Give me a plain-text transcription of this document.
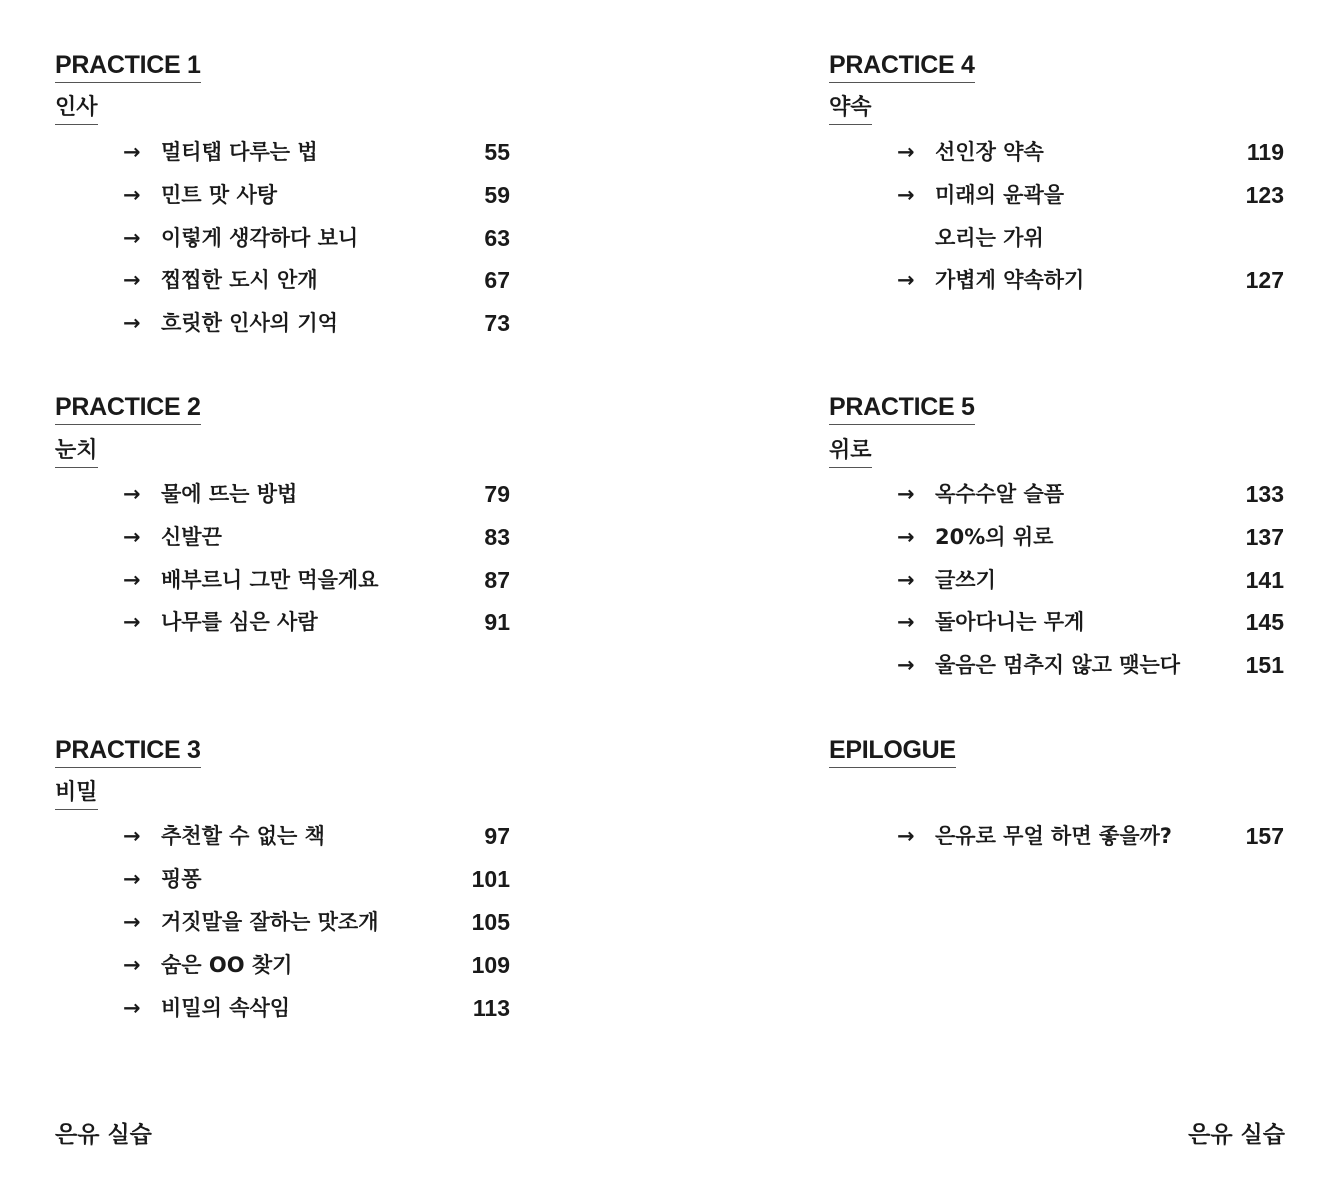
PRACTICE 1
인사
→ 멀티탭 다루는 법	55
→ 민트 맛 사탕	59
→ 이렇게 생각하다 보니	63
→ 찝찝한 도시 안개	67
→ 흐릿한 인사의 기억	73
PRACTICE 2
눈치
→ 물에 뜨는 방법	79
→ 신발끈	83
→ 배부르니 그만 먹을게요	87
→ 나무를 심은 사람	91
PRACTICE 3
비밀
→ 추천할 수 없는 책	97
→ 핑퐁	101
→ 거짓말을 잘하는 맛조개	105
→ 숨은 OO 찾기	109
→ 비밀의 속삭임	113
PRACTICE 4
약속
→ 선인장 약속	119
→ 미래의 윤곽을	123
오리는 가위
→ 가볍게 약속하기	127
PRACTICE 5
위로
→ 옥수수알 슬픔	133
→ 20%의 위로	137
→ 글쓰기	141
→ 돌아다니는 무게	145
→ 울음은 멈추지 않고 맺는다	151
EPILOGUE
→ 은유로 무얼 하면 좋을까?	157
은유 실습	은유 실습
